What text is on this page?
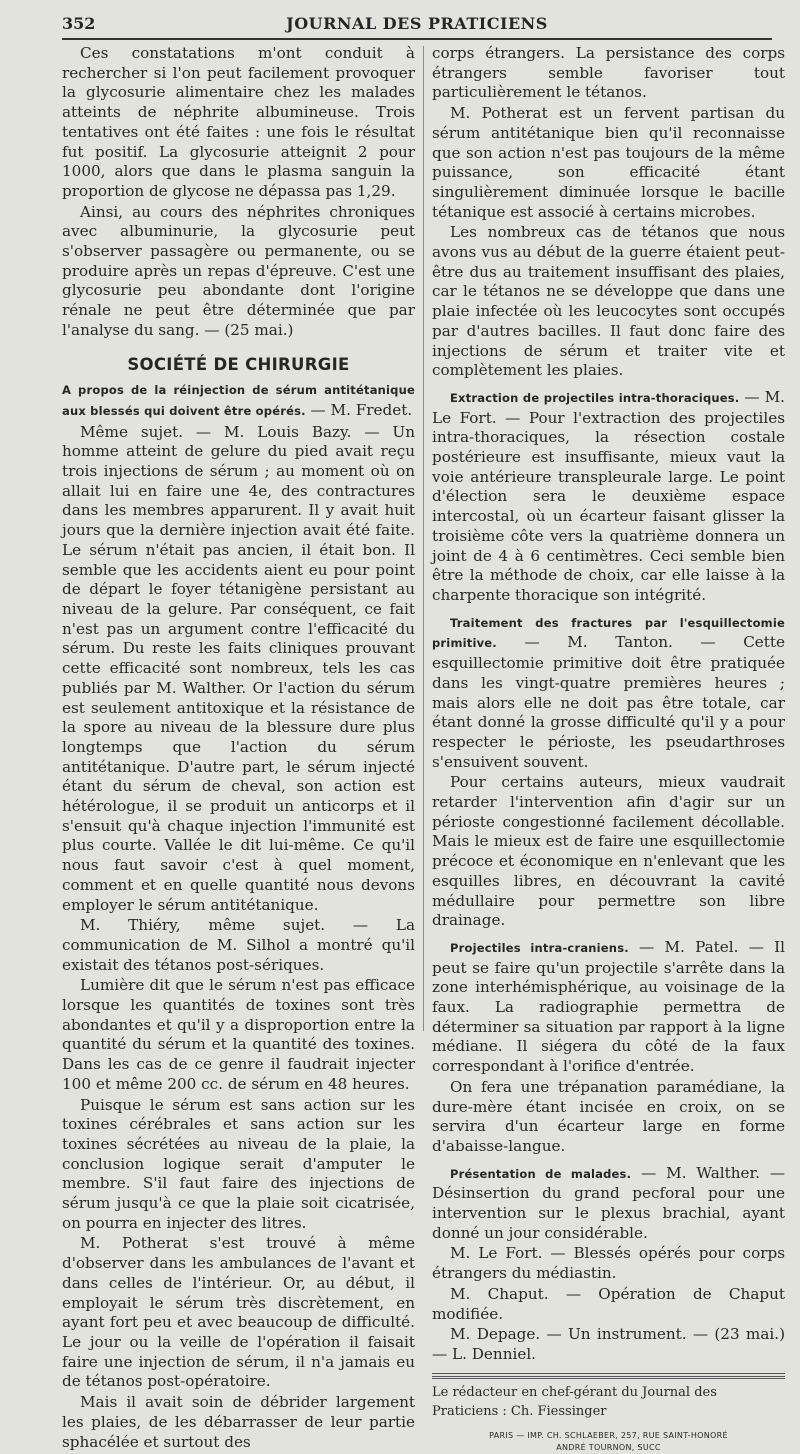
352	JOURNAL DES PRATICIENS

Ces constatations m'ont conduit à rechercher si l'on peut facilement provoquer la glycosurie alimentaire chez les malades atteints de néphrite albumineuse. Trois tentatives ont été faites : une fois le résultat fut positif. La glycosurie atteignit 2 pour 1000, alors que dans le plasma sanguin la proportion de glycose ne dépassa pas 1,29.

Ainsi, au cours des néphrites chroniques avec albuminurie, la glycosurie peut s'observer passagère ou permanente, ou se produire après un repas d'épreuve. C'est une glycosurie peu abondante dont l'origine rénale ne peut être déterminée que par l'analyse du sang. — (25 mai.)

SOCIÉTÉ DE CHIRURGIE

A propos de la réinjection de sérum antitétanique aux blessés qui doivent être opérés. — M. Fredet.

Même sujet. — M. Louis Bazy. — Un homme atteint de gelure du pied avait reçu trois injections de sérum ; au moment où on allait lui en faire une 4e, des contractures dans les membres apparurent. Il y avait huit jours que la dernière injection avait été faite. Le sérum n'était pas ancien, il était bon. Il semble que les accidents aient eu pour point de départ le foyer tétanigène persistant au niveau de la gelure. Par conséquent, ce fait n'est pas un argument contre l'efficacité du sérum. Du reste les faits cliniques prouvant cette efficacité sont nombreux, tels les cas publiés par M. Walther. Or l'action du sérum est seulement antitoxique et la résistance de la spore au niveau de la blessure dure plus longtemps que l'action du sérum antitétanique. D'autre part, le sérum injecté étant du sérum de cheval, son action est hétérologue, il se produit un anticorps et il s'ensuit qu'à chaque injection l'immunité est plus courte. Vallée le dit lui-même. Ce qu'il nous faut savoir c'est à quel moment, comment et en quelle quantité nous devons employer le sérum antitétanique.

M. Thiéry, même sujet. — La communication de M. Silhol a montré qu'il existait des tétanos post-sériques.

Lumière dit que le sérum n'est pas efficace lorsque les quantités de toxines sont très abondantes et qu'il y a disproportion entre la quantité du sérum et la quantité des toxines. Dans les cas de ce genre il faudrait injecter 100 et même 200 cc. de sérum en 48 heures.

Puisque le sérum est sans action sur les toxines cérébrales et sans action sur les toxines sécrétées au niveau de la plaie, la conclusion logique serait d'amputer le membre. S'il faut faire des injections de sérum jusqu'à ce que la plaie soit cicatrisée, on pourra en injecter des litres.

M. Potherat s'est trouvé à même d'observer dans les ambulances de l'avant et dans celles de l'intérieur. Or, au début, il employait le sérum très discrètement, en ayant fort peu et avec beaucoup de difficulté. Le jour ou la veille de l'opération il faisait faire une injection de sérum, il n'a jamais eu de tétanos post-opératoire.

Mais il avait soin de débrider largement les plaies, de les débarrasser de leur partie sphacélée et surtout des

corps étrangers. La persistance des corps étrangers semble favoriser tout particulièrement le tétanos.

M. Potherat est un fervent partisan du sérum antitétanique bien qu'il reconnaisse que son action n'est pas toujours de la même puissance, son efficacité étant singulièrement diminuée lorsque le bacille tétanique est associé à certains microbes.

Les nombreux cas de tétanos que nous avons vus au début de la guerre étaient peut-être dus au traitement insuffisant des plaies, car le tétanos ne se développe que dans une plaie infectée où les leucocytes sont occupés par d'autres bacilles. Il faut donc faire des injections de sérum et traiter vite et complètement les plaies.

Extraction de projectiles intra-thoraciques. — M. Le Fort. — Pour l'extraction des projectiles intra-thoraciques, la résection costale postérieure est insuffisante, mieux vaut la voie antérieure transpleurale large. Le point d'élection sera le deuxième espace intercostal, où un écarteur faisant glisser la troisième côte vers la quatrième donnera un joint de 4 à 6 centimètres. Ceci semble bien être la méthode de choix, car elle laisse à la charpente thoracique son intégrité.

Traitement des fractures par l'esquillectomie primitive. — M. Tanton. — Cette esquillectomie primitive doit être pratiquée dans les vingt-quatre premières heures ; mais alors elle ne doit pas être totale, car étant donné la grosse difficulté qu'il y a pour respecter le périoste, les pseudarthroses s'ensuivent souvent.

Pour certains auteurs, mieux vaudrait retarder l'intervention afin d'agir sur un périoste congestionné facilement décollable. Mais le mieux est de faire une esquillectomie précoce et économique en n'enlevant que les esquilles libres, en découvrant la cavité médullaire pour permettre son libre drainage.

Projectiles intra-craniens. — M. Patel. — Il peut se faire qu'un projectile s'arrête dans la zone interhémisphérique, au voisinage de la faux. La radiographie permettra de déterminer sa situation par rapport à la ligne médiane. Il siégera du côté de la faux correspondant à l'orifice d'entrée.

On fera une trépanation paramédiane, la dure-mère étant incisée en croix, on se servira d'un écarteur large en forme d'abaisse-langue.

Présentation de malades. — M. Walther. — Désinsertion du grand pecforal pour une intervention sur le plexus brachial, ayant donné un jour considérable.

M. Le Fort. — Blessés opérés pour corps étrangers du médiastin.

M. Chaput. — Opération de Chaput modifiée.

M. Depage. — Un instrument. — (23 mai.) — L. Denniel.

Le rédacteur en chef-gérant du Journal des Praticiens : Ch. Fiessinger
PARIS — IMP. CH. SCHLAEBER, 257, RUE SAINT-HONORÉ
ANDRÉ TOURNON, SUCC
